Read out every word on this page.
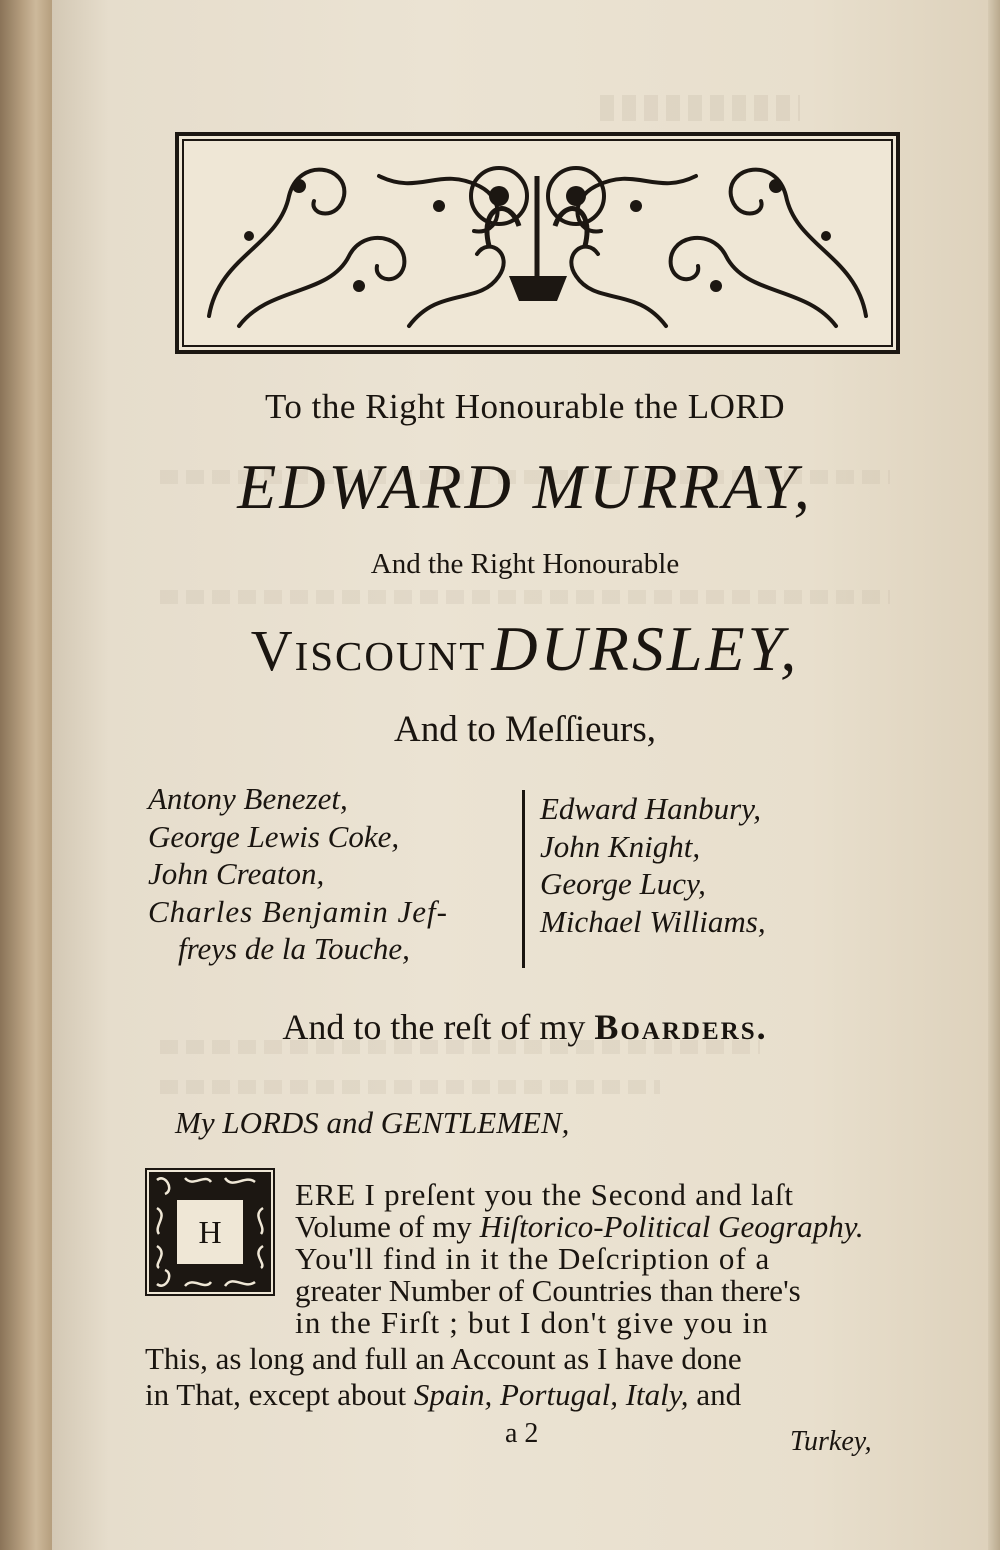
To the Right Honourable the LORD
EDWARD MURRAY,
And the Right Honourable
Viscount DURSLEY,
And to Meſſieurs,
Antony Benezet,
George Lewis Coke,
John Creaton,
Charles Benjamin Jef-
freys de la Touche,
Edward Hanbury,
John Knight,
George Lucy,
Michael Williams,
And to the reſt of my Boarders.
My LORDS and GENTLEMEN,
H
ERE I preſent you the Second and laſt
Volume of my Hiſtorico-Political Geography.
You'll find in it the Deſcription of a
greater Number of Countries than there's
in the Firſt ; but I don't give you in
This, as long and full an Account as I have done
in That, except about Spain, Portugal, Italy, and
a 2	Turkey,
